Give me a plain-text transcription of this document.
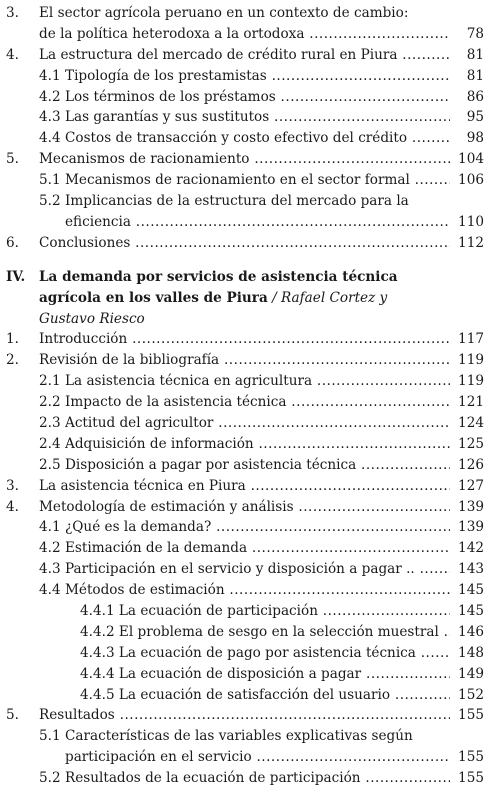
3. El sector agrícola peruano en un contexto de cambio:
de la política heterodoxa a la ortodoxa .....	78
4. La estructura del mercado de crédito rural en Piura .....	81
4.1 Tipología de los prestamistas .....	81
4.2 Los términos de los préstamos .....	86
4.3 Las garantías y sus sustitutos .....	95
4.4 Costos de transacción y costo efectivo del crédito .....	98
5. Mecanismos de racionamiento .....	104
5.1 Mecanismos de racionamiento en el sector formal .....	106
5.2 Implicancias de la estructura del mercado para la
eficiencia .....	110
6. Conclusiones .....	112
IV. La demanda por servicios de asistencia técnica
agrícola en los valles de Piura / Rafael Cortez y
Gustavo Riesco
1. Introducción .....	117
2. Revisión de la bibliografía .....	119
2.1 La asistencia técnica en agricultura .....	119
2.2 Impacto de la asistencia técnica .....	121
2.3 Actitud del agricultor .....	124
2.4 Adquisición de información .....	125
2.5 Disposición a pagar por asistencia técnica .....	126
3. La asistencia técnica en Piura .....	127
4. Metodología de estimación y análisis .....	139
4.1 ¿Qué es la demanda? .....	139
4.2 Estimación de la demanda .....	142
4.3 Participación en el servicio y disposición a pagar .. .....	143
4.4 Métodos de estimación .....	145
4.4.1 La ecuación de participación .....	145
4.4.2 El problema de sesgo en la selección muestral .....	146
4.4.3 La ecuación de pago por asistencia técnica .....	148
4.4.4 La ecuación de disposición a pagar .....	149
4.4.5 La ecuación de satisfacción del usuario .....	152
5. Resultados .....	155
5.1 Características de las variables explicativas según
participación en el servicio .....	155
5.2 Resultados de la ecuación de participación .....	155
